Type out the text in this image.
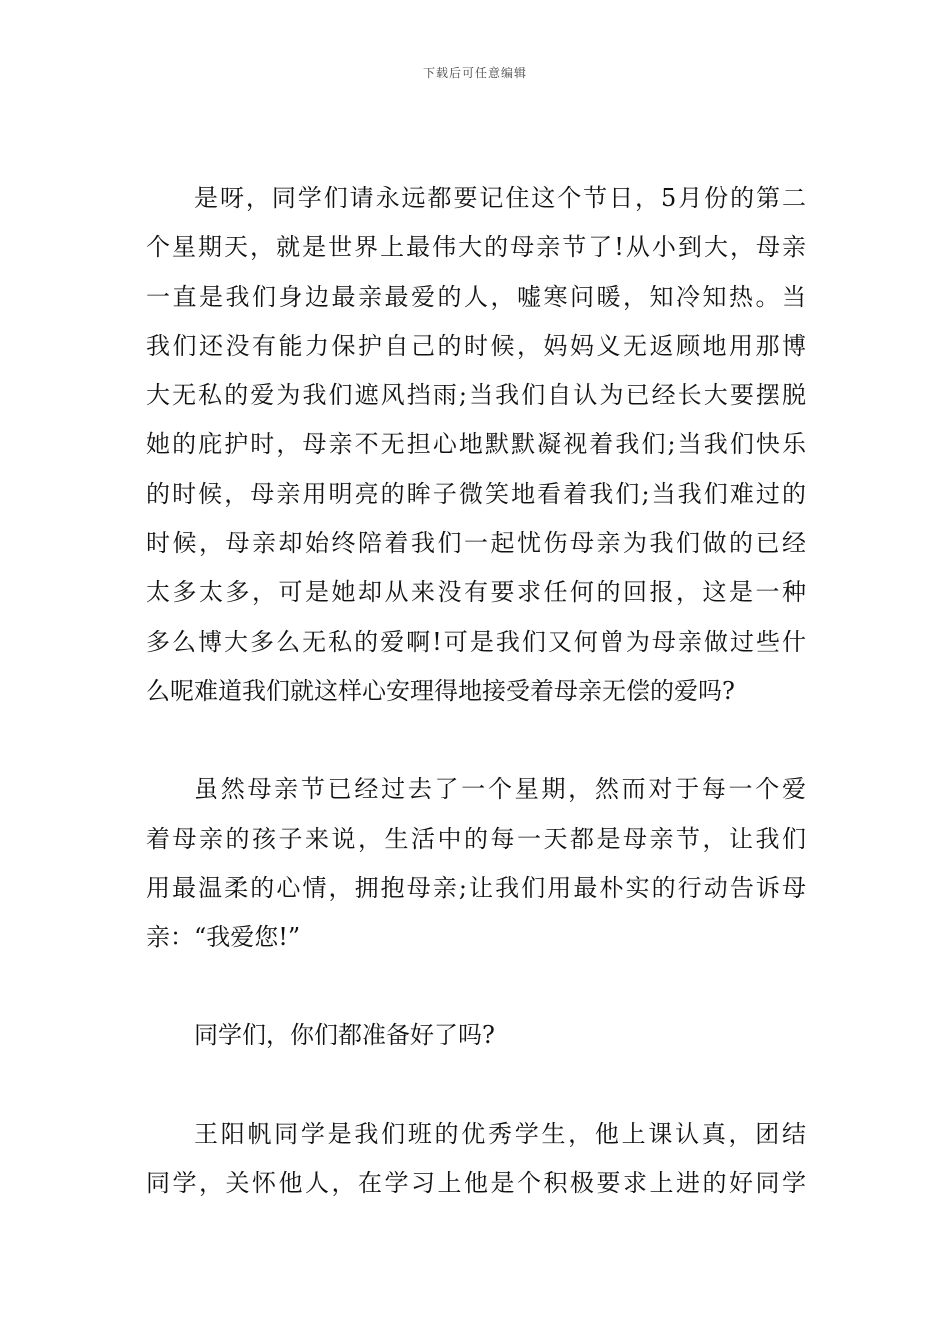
下载后可任意编辑
是呀，同学们请永远都要记住这个节日，5月份的第二
个星期天，就是世界上最伟大的母亲节了!从小到大，母亲
一直是我们身边最亲最爱的人，嘘寒问暖，知冷知热。当
我们还没有能力保护自己的时候，妈妈义无返顾地用那博
大无私的爱为我们遮风挡雨;当我们自认为已经长大要摆脱
她的庇护时，母亲不无担心地默默凝视着我们;当我们快乐
的时候，母亲用明亮的眸子微笑地看着我们;当我们难过的
时候，母亲却始终陪着我们一起忧伤母亲为我们做的已经
太多太多，可是她却从来没有要求任何的回报，这是一种
多么博大多么无私的爱啊!可是我们又何曾为母亲做过些什
么呢难道我们就这样心安理得地接受着母亲无偿的爱吗?
虽然母亲节已经过去了一个星期，然而对于每一个爱
着母亲的孩子来说，生活中的每一天都是母亲节，让我们
用最温柔的心情，拥抱母亲;让我们用最朴实的行动告诉母
亲：“我爱您!”
同学们，你们都准备好了吗?
王阳帆同学是我们班的优秀学生，他上课认真，团结
同学，关怀他人，在学习上他是个积极要求上进的好同学
